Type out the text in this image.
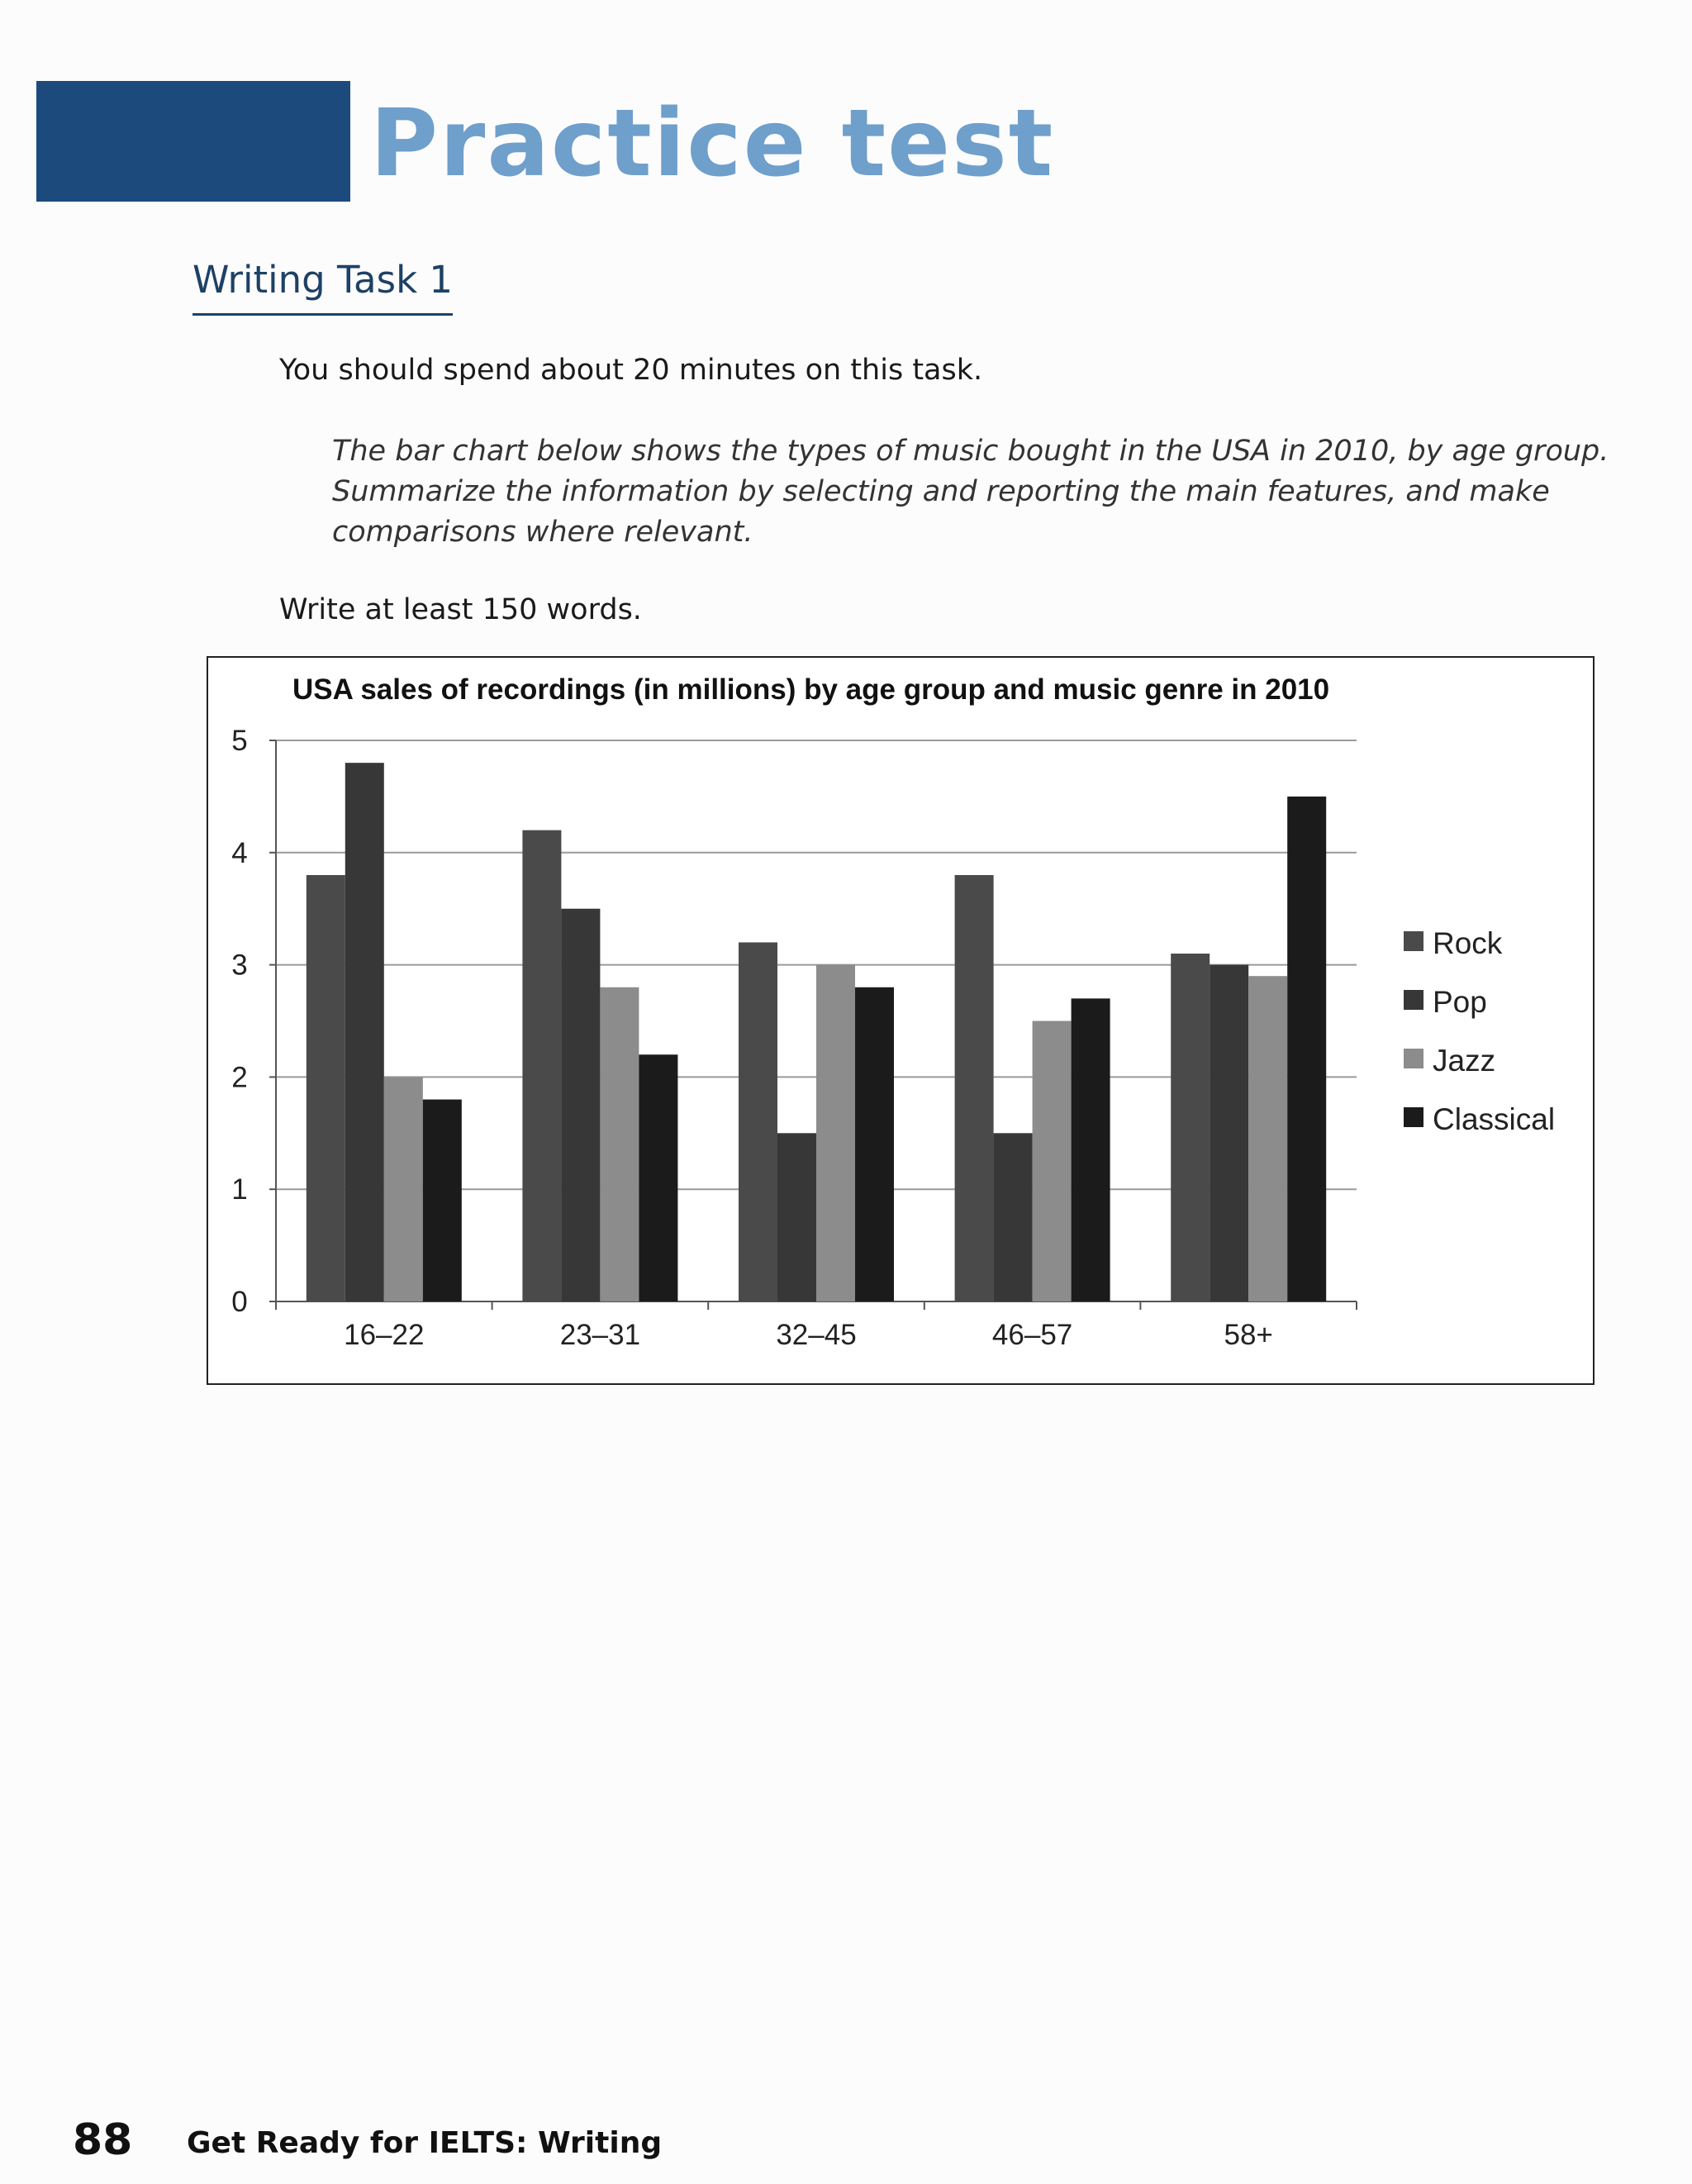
Practice test
Writing Task 1
You should spend about 20 minutes on this task.
The bar chart below shows the types of music bought in the USA in 2010, by age group.
Summarize the information by selecting and reporting the main features, and make
comparisons where relevant.
Write at least 150 words.
USA sales of recordings (in millions) by age group and music genre in 2010
0
1
2
3
4
5
16–22	23–31	32–45	46–57	58+
Rock
Pop
Jazz
Classical
88 Get Ready for IELTS: Writing
